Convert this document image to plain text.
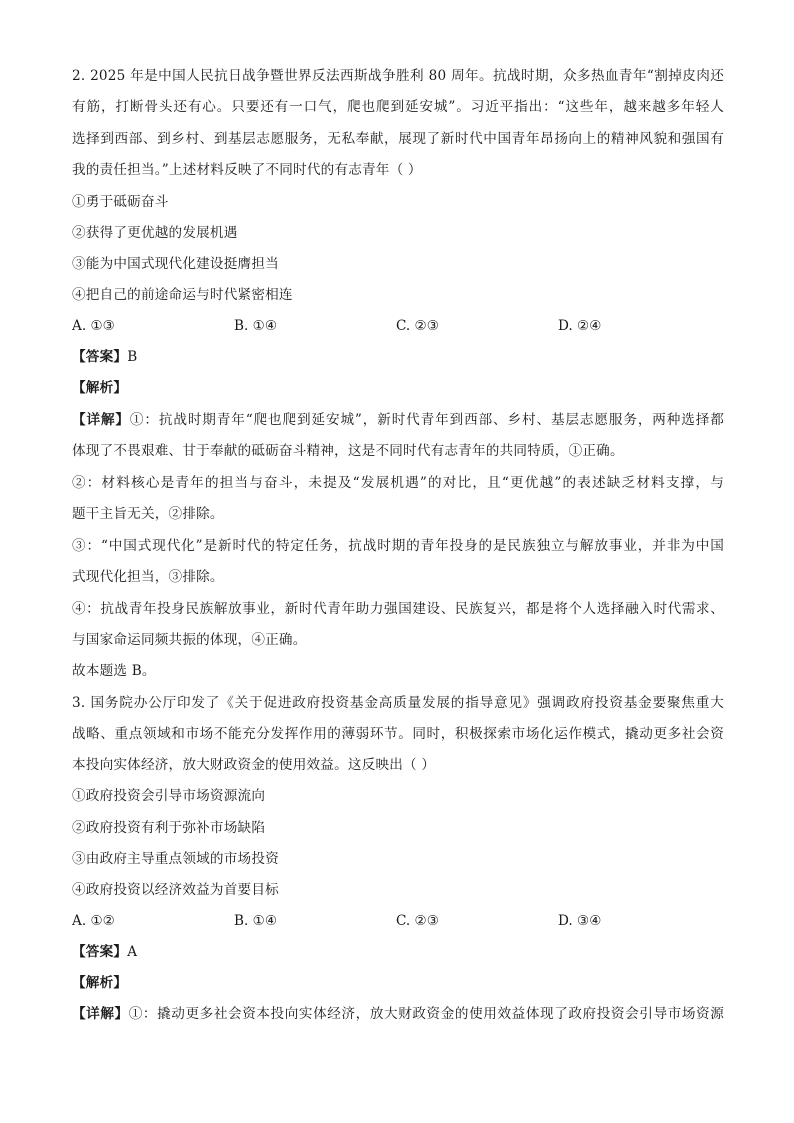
2. 2025 年是中国人民抗日战争暨世界反法西斯战争胜利 80 周年。抗战时期，众多热血青年“割掉皮肉还
有筋，打断骨头还有心。只要还有一口气，爬也爬到延安城”。习近平指出：“这些年，越来越多年轻人
选择到西部、到乡村、到基层志愿服务，无私奉献，展现了新时代中国青年昂扬向上的精神风貌和强国有
我的责任担当。”上述材料反映了不同时代的有志青年（ ）
①勇于砥砺奋斗
②获得了更优越的发展机遇
③能为中国式现代化建设挺膺担当
④把自己的前途命运与时代紧密相连
A. ①③	B. ①④	C. ②③	D. ②④
【答案】B
【解析】
【详解】①：抗战时期青年“爬也爬到延安城”，新时代青年到西部、乡村、基层志愿服务，两种选择都
体现了不畏艰难、甘于奉献的砥砺奋斗精神，这是不同时代有志青年的共同特质，①正确。
②：材料核心是青年的担当与奋斗，未提及“发展机遇”的对比，且“更优越”的表述缺乏材料支撑，与
题干主旨无关，②排除。
③：“中国式现代化”是新时代的特定任务，抗战时期的青年投身的是民族独立与解放事业，并非为中国
式现代化担当，③排除。
④：抗战青年投身民族解放事业，新时代青年助力强国建设、民族复兴，都是将个人选择融入时代需求、
与国家命运同频共振的体现，④正确。
故本题选 B。
3. 国务院办公厅印发了《关于促进政府投资基金高质量发展的指导意见》强调政府投资基金要聚焦重大
战略、重点领域和市场不能充分发挥作用的薄弱环节。同时，积极探索市场化运作模式，撬动更多社会资
本投向实体经济，放大财政资金的使用效益。这反映出（ ）
①政府投资会引导市场资源流向
②政府投资有利于弥补市场缺陷
③由政府主导重点领域的市场投资
④政府投资以经济效益为首要目标
A. ①②	B. ①④	C. ②③	D. ③④
【答案】A
【解析】
【详解】①：撬动更多社会资本投向实体经济，放大财政资金的使用效益体现了政府投资会引导市场资源
